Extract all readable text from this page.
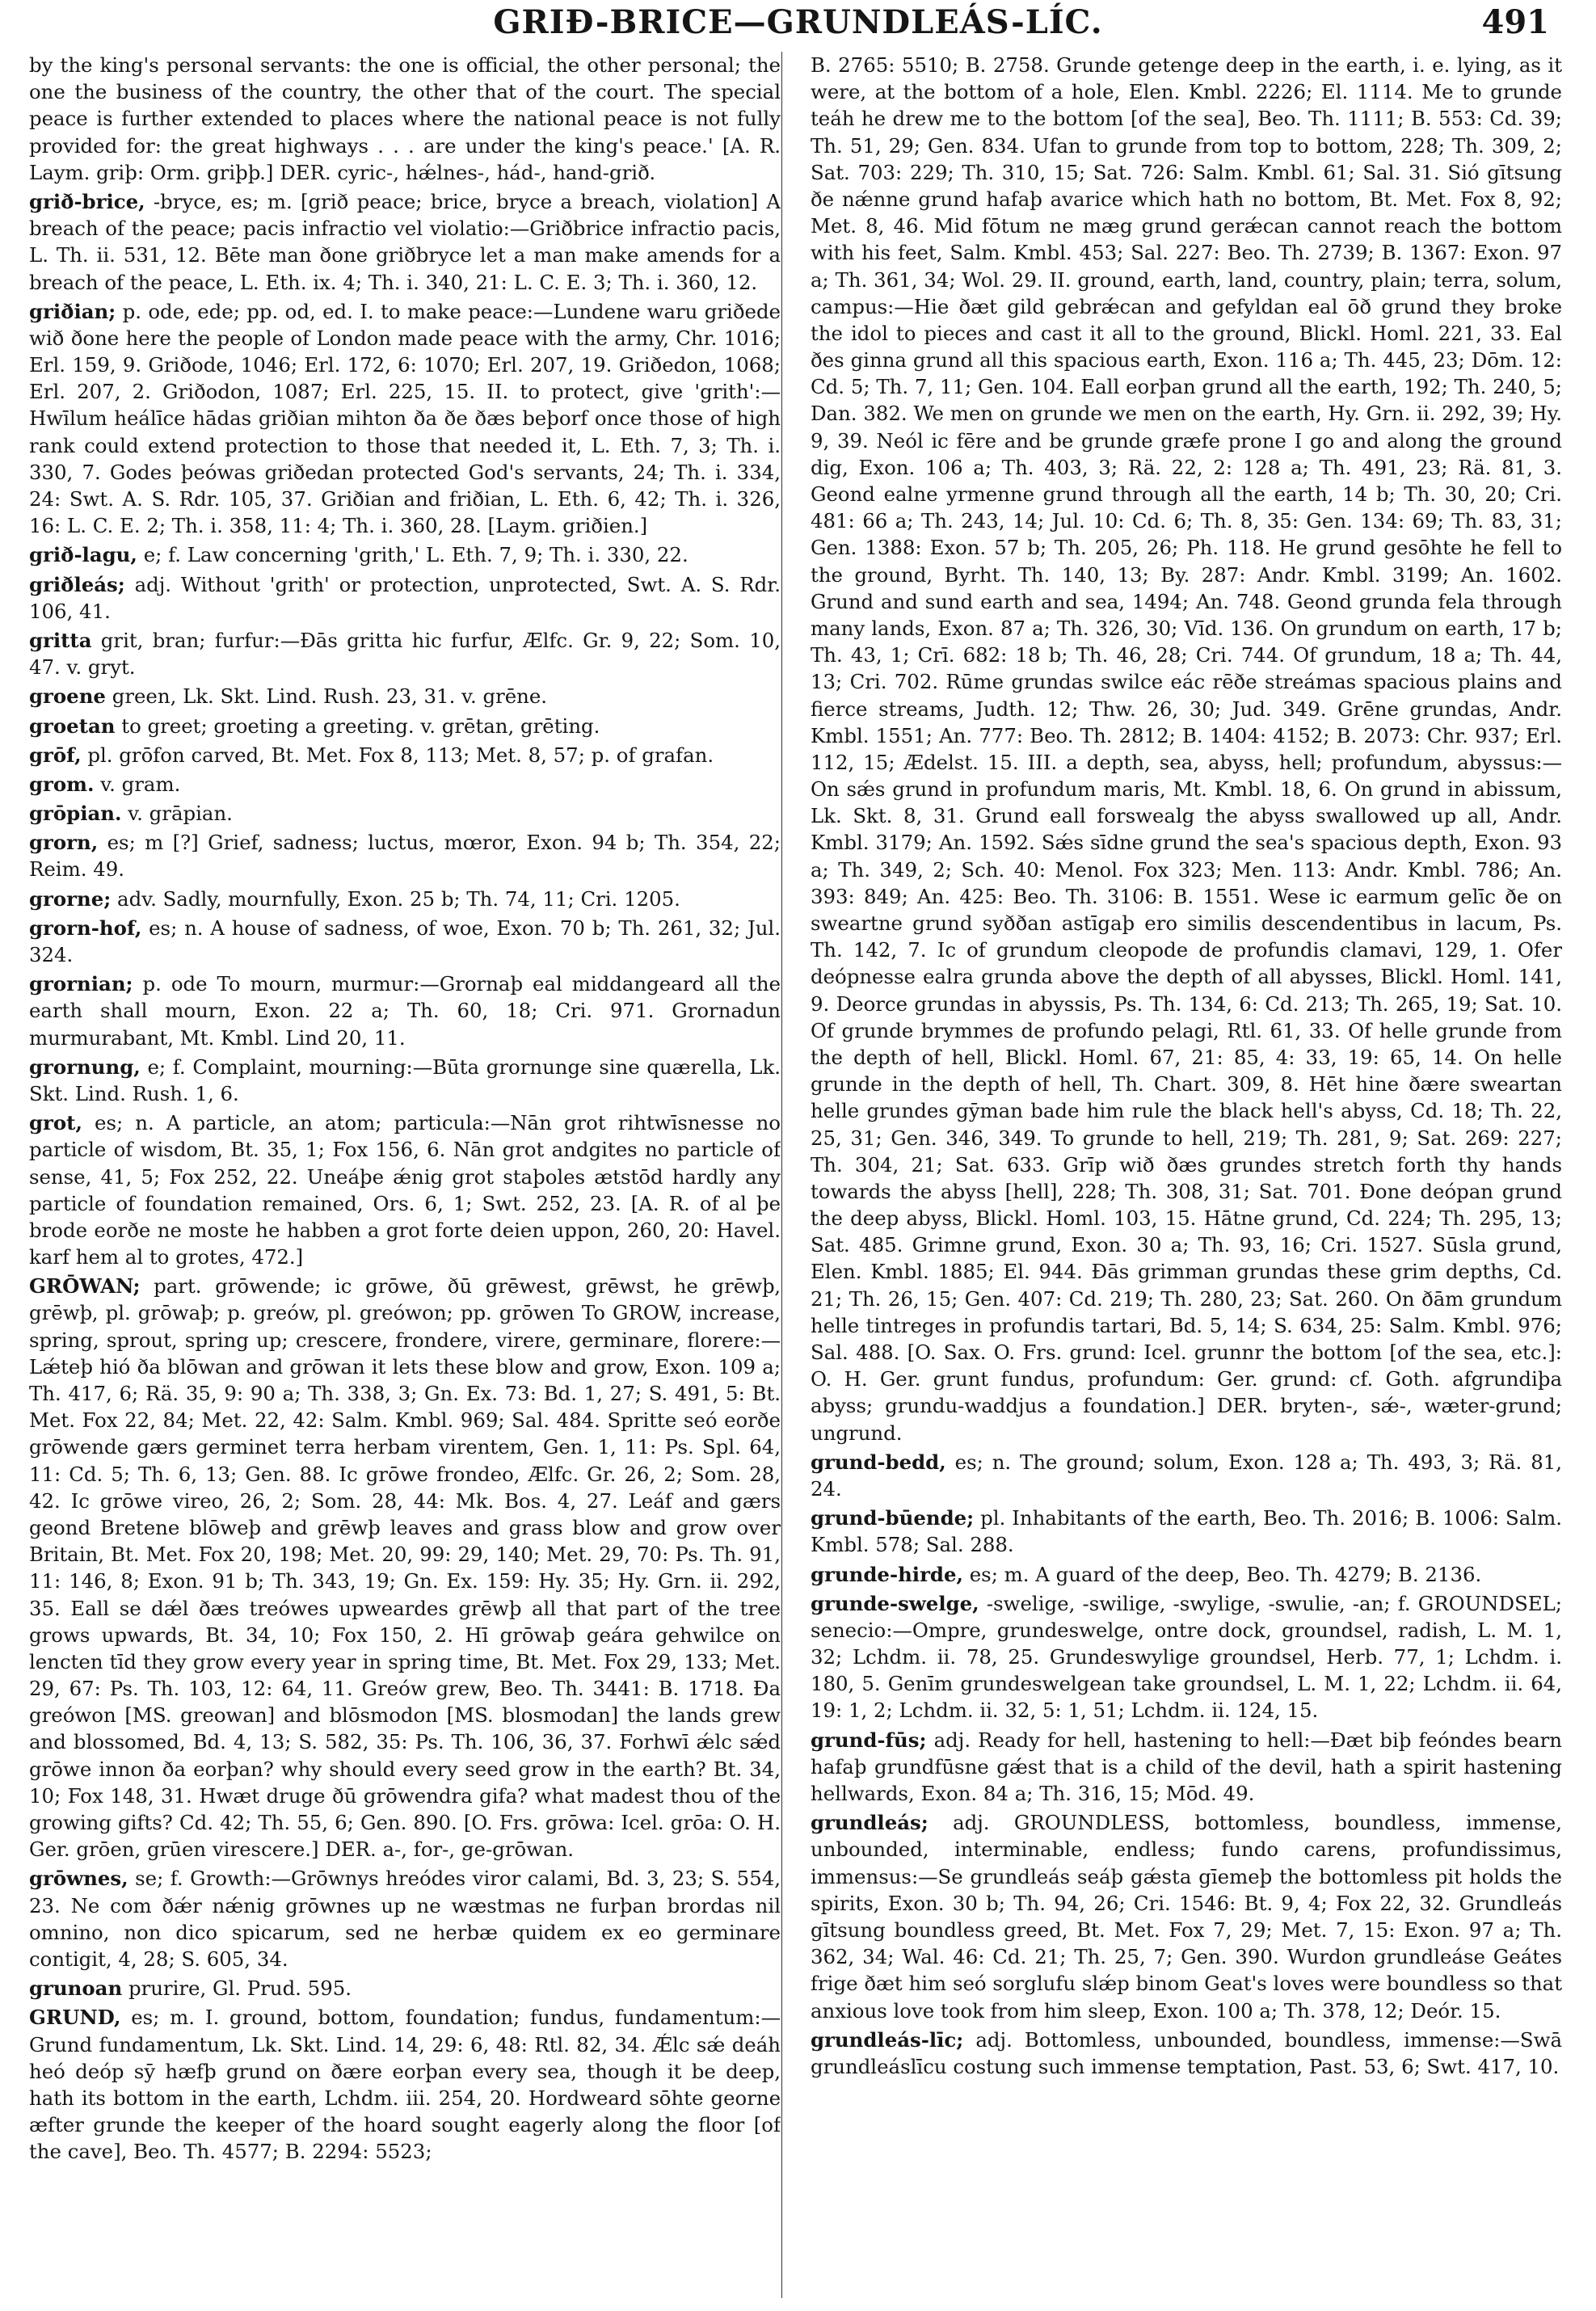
GRIÐ-BRICE—GRUNDLEÁS-LÍC.	491
by the king's personal servants: the one is official, the other personal; the one the business of the country, the other that of the court. The special peace is further extended to places where the national peace is not fully provided for: the great highways . . . are under the king's peace.' [A. R. Laym. griþ: Orm. griþþ.] DER. cyric-, hǽlnes-, hád-, hand-grið.
grið-brice, -bryce, es; m. [grið peace; brice, bryce a breach, violation] A breach of the peace; pacis infractio vel violatio:—Griðbrice infractio pacis, L. Th. ii. 531, 12. Bēte man ðone griðbryce let a man make amends for a breach of the peace, L. Eth. ix. 4; Th. i. 340, 21: L. C. E. 3; Th. i. 360, 12.
griðian; p. ode, ede; pp. od, ed. I. to make peace:—Lundene waru griðede wið ðone here the people of London made peace with the army, Chr. 1016; Erl. 159, 9. Griðode, 1046; Erl. 172, 6: 1070; Erl. 207, 19. Griðedon, 1068; Erl. 207, 2. Griðodon, 1087; Erl. 225, 15. II. to protect, give 'grith':—Hwīlum heálīce hādas griðian mihton ða ðe ðæs beþorf once those of high rank could extend protection to those that needed it, L. Eth. 7, 3; Th. i. 330, 7. Godes þeówas griðedan protected God's servants, 24; Th. i. 334, 24: Swt. A. S. Rdr. 105, 37. Griðian and friðian, L. Eth. 6, 42; Th. i. 326, 16: L. C. E. 2; Th. i. 358, 11: 4; Th. i. 360, 28. [Laym. griðien.]
grið-lagu, e; f. Law concerning 'grith,' L. Eth. 7, 9; Th. i. 330, 22.
griðleás; adj. Without 'grith' or protection, unprotected, Swt. A. S. Rdr. 106, 41.
gritta grit, bran; furfur:—Ðās gritta hic furfur, Ælfc. Gr. 9, 22; Som. 10, 47. v. gryt.
groene green, Lk. Skt. Lind. Rush. 23, 31. v. grēne.
groetan to greet; groeting a greeting. v. grētan, grēting.
grōf, pl. grōfon carved, Bt. Met. Fox 8, 113; Met. 8, 57; p. of grafan.
grom. v. gram.
grōpian. v. grāpian.
grorn, es; m [?] Grief, sadness; luctus, mœror, Exon. 94 b; Th. 354, 22; Reim. 49.
grorne; adv. Sadly, mournfully, Exon. 25 b; Th. 74, 11; Cri. 1205.
grorn-hof, es; n. A house of sadness, of woe, Exon. 70 b; Th. 261, 32; Jul. 324.
grornian; p. ode To mourn, murmur:—Grornaþ eal middangeard all the earth shall mourn, Exon. 22 a; Th. 60, 18; Cri. 971. Grornadun murmurabant, Mt. Kmbl. Lind 20, 11.
grornung, e; f. Complaint, mourning:—Būta grornunge sine quærella, Lk. Skt. Lind. Rush. 1, 6.
grot, es; n. A particle, an atom; particula:—Nān grot rihtwīsnesse no particle of wisdom, Bt. 35, 1; Fox 156, 6. Nān grot andgites no particle of sense, 41, 5; Fox 252, 22. Uneáþe ǽnig grot staþoles ætstōd hardly any particle of foundation remained, Ors. 6, 1; Swt. 252, 23. [A. R. of al þe brode eorðe ne moste he habben a grot forte deien uppon, 260, 20: Havel. karf hem al to grotes, 472.]
GRŌWAN; part. grōwende; ic grōwe, ðū grēwest, grēwst, he grēwþ, grēwþ, pl. grōwaþ; p. greów, pl. greówon; pp. grōwen To GROW, increase, spring, sprout, spring up; crescere, frondere, virere, germinare, florere:—Lǽteþ hió ða blōwan and grōwan it lets these blow and grow, Exon. 109 a; Th. 417, 6; Rä. 35, 9: 90 a; Th. 338, 3; Gn. Ex. 73: Bd. 1, 27; S. 491, 5: Bt. Met. Fox 22, 84; Met. 22, 42: Salm. Kmbl. 969; Sal. 484. Spritte seó eorðe grōwende gærs germinet terra herbam virentem, Gen. 1, 11: Ps. Spl. 64, 11: Cd. 5; Th. 6, 13; Gen. 88. Ic grōwe frondeo, Ælfc. Gr. 26, 2; Som. 28, 42. Ic grōwe vireo, 26, 2; Som. 28, 44: Mk. Bos. 4, 27. Leáf and gærs geond Bretene blōweþ and grēwþ leaves and grass blow and grow over Britain, Bt. Met. Fox 20, 198; Met. 20, 99: 29, 140; Met. 29, 70: Ps. Th. 91, 11: 146, 8; Exon. 91 b; Th. 343, 19; Gn. Ex. 159: Hy. 35; Hy. Grn. ii. 292, 35. Eall se dǽl ðæs treówes upweardes grēwþ all that part of the tree grows upwards, Bt. 34, 10; Fox 150, 2. Hī grōwaþ geára gehwilce on lencten tīd they grow every year in spring time, Bt. Met. Fox 29, 133; Met. 29, 67: Ps. Th. 103, 12: 64, 11. Greów grew, Beo. Th. 3441: B. 1718. Ða greówon [MS. greowan] and blōsmodon [MS. blosmodan] the lands grew and blossomed, Bd. 4, 13; S. 582, 35: Ps. Th. 106, 36, 37. Forhwī ǽlc sǽd grōwe innon ða eorþan? why should every seed grow in the earth? Bt. 34, 10; Fox 148, 31. Hwæt druge ðū grōwendra gifa? what madest thou of the growing gifts? Cd. 42; Th. 55, 6; Gen. 890. [O. Frs. grōwa: Icel. grōa: O. H. Ger. grōen, grūen virescere.] DER. a-, for-, ge-grōwan.
grōwnes, se; f. Growth:—Grōwnys hreódes viror calami, Bd. 3, 23; S. 554, 23. Ne com ðǽr nǽnig grōwnes up ne wæstmas ne furþan brordas nil omnino, non dico spicarum, sed ne herbæ quidem ex eo germinare contigit, 4, 28; S. 605, 34.
grunoan prurire, Gl. Prud. 595.
GRUND, es; m. I. ground, bottom, foundation; fundus, fundamentum:—Grund fundamentum, Lk. Skt. Lind. 14, 29: 6, 48: Rtl. 82, 34. Ǽlc sǽ deáh heó deóp sȳ hæfþ grund on ðære eorþan every sea, though it be deep, hath its bottom in the earth, Lchdm. iii. 254, 20. Hordweard sōhte georne æfter grunde the keeper of the hoard sought eagerly along the floor [of the cave], Beo. Th. 4577; B. 2294: 5523;
B. 2765: 5510; B. 2758. Grunde getenge deep in the earth, i. e. lying, as it were, at the bottom of a hole, Elen. Kmbl. 2226; El. 1114. Me to grunde teáh he drew me to the bottom [of the sea], Beo. Th. 1111; B. 553: Cd. 39; Th. 51, 29; Gen. 834. Ufan to grunde from top to bottom, 228; Th. 309, 2; Sat. 703: 229; Th. 310, 15; Sat. 726: Salm. Kmbl. 61; Sal. 31. Sió gītsung ðe nǽnne grund hafaþ avarice which hath no bottom, Bt. Met. Fox 8, 92; Met. 8, 46. Mid fōtum ne mæg grund gerǽcan cannot reach the bottom with his feet, Salm. Kmbl. 453; Sal. 227: Beo. Th. 2739; B. 1367: Exon. 97 a; Th. 361, 34; Wol. 29. II. ground, earth, land, country, plain; terra, solum, campus:—Hie ðæt gild gebrǽcan and gefyldan eal ōð grund they broke the idol to pieces and cast it all to the ground, Blickl. Homl. 221, 33. Eal ðes ginna grund all this spacious earth, Exon. 116 a; Th. 445, 23; Dōm. 12: Cd. 5; Th. 7, 11; Gen. 104. Eall eorþan grund all the earth, 192; Th. 240, 5; Dan. 382. We men on grunde we men on the earth, Hy. Grn. ii. 292, 39; Hy. 9, 39. Neól ic fēre and be grunde græfe prone I go and along the ground dig, Exon. 106 a; Th. 403, 3; Rä. 22, 2: 128 a; Th. 491, 23; Rä. 81, 3. Geond ealne yrmenne grund through all the earth, 14 b; Th. 30, 20; Cri. 481: 66 a; Th. 243, 14; Jul. 10: Cd. 6; Th. 8, 35: Gen. 134: 69; Th. 83, 31; Gen. 1388: Exon. 57 b; Th. 205, 26; Ph. 118. He grund gesōhte he fell to the ground, Byrht. Th. 140, 13; By. 287: Andr. Kmbl. 3199; An. 1602. Grund and sund earth and sea, 1494; An. 748. Geond grunda fela through many lands, Exon. 87 a; Th. 326, 30; Vīd. 136. On grundum on earth, 17 b; Th. 43, 1; Crī. 682: 18 b; Th. 46, 28; Cri. 744. Of grundum, 18 a; Th. 44, 13; Cri. 702. Rūme grundas swilce eác rēðe streámas spacious plains and fierce streams, Judth. 12; Thw. 26, 30; Jud. 349. Grēne grundas, Andr. Kmbl. 1551; An. 777: Beo. Th. 2812; B. 1404: 4152; B. 2073: Chr. 937; Erl. 112, 15; Ædelst. 15. III. a depth, sea, abyss, hell; profundum, abyssus:—On sǽs grund in profundum maris, Mt. Kmbl. 18, 6. On grund in abissum, Lk. Skt. 8, 31. Grund eall forswealg the abyss swallowed up all, Andr. Kmbl. 3179; An. 1592. Sǽs sīdne grund the sea's spacious depth, Exon. 93 a; Th. 349, 2; Sch. 40: Menol. Fox 323; Men. 113: Andr. Kmbl. 786; An. 393: 849; An. 425: Beo. Th. 3106: B. 1551. Wese ic earmum gelīc ðe on sweartne grund syððan astīgaþ ero similis descendentibus in lacum, Ps. Th. 142, 7. Ic of grundum cleopode de profundis clamavi, 129, 1. Ofer deópnesse ealra grunda above the depth of all abysses, Blickl. Homl. 141, 9. Deorce grundas in abyssis, Ps. Th. 134, 6: Cd. 213; Th. 265, 19; Sat. 10. Of grunde brymmes de profundo pelagi, Rtl. 61, 33. Of helle grunde from the depth of hell, Blickl. Homl. 67, 21: 85, 4: 33, 19: 65, 14. On helle grunde in the depth of hell, Th. Chart. 309, 8. Hēt hine ðære sweartan helle grundes gȳman bade him rule the black hell's abyss, Cd. 18; Th. 22, 25, 31; Gen. 346, 349. To grunde to hell, 219; Th. 281, 9; Sat. 269: 227; Th. 304, 21; Sat. 633. Grīp wið ðæs grundes stretch forth thy hands towards the abyss [hell], 228; Th. 308, 31; Sat. 701. Ðone deópan grund the deep abyss, Blickl. Homl. 103, 15. Hātne grund, Cd. 224; Th. 295, 13; Sat. 485. Grimne grund, Exon. 30 a; Th. 93, 16; Cri. 1527. Sūsla grund, Elen. Kmbl. 1885; El. 944. Ðās grimman grundas these grim depths, Cd. 21; Th. 26, 15; Gen. 407: Cd. 219; Th. 280, 23; Sat. 260. On ðām grundum helle tintreges in profundis tartari, Bd. 5, 14; S. 634, 25: Salm. Kmbl. 976; Sal. 488. [O. Sax. O. Frs. grund: Icel. grunnr the bottom [of the sea, etc.]: O. H. Ger. grunt fundus, profundum: Ger. grund: cf. Goth. afgrundiþa abyss; grundu-waddjus a foundation.] DER. bryten-, sǽ-, wæter-grund; ungrund.
grund-bedd, es; n. The ground; solum, Exon. 128 a; Th. 493, 3; Rä. 81, 24.
grund-būende; pl. Inhabitants of the earth, Beo. Th. 2016; B. 1006: Salm. Kmbl. 578; Sal. 288.
grunde-hirde, es; m. A guard of the deep, Beo. Th. 4279; B. 2136.
grunde-swelge, -swelige, -swilige, -swylige, -swulie, -an; f. GROUNDSEL; senecio:—Ompre, grundeswelge, ontre dock, groundsel, radish, L. M. 1, 32; Lchdm. ii. 78, 25. Grundeswylige groundsel, Herb. 77, 1; Lchdm. i. 180, 5. Genīm grundeswelgean take groundsel, L. M. 1, 22; Lchdm. ii. 64, 19: 1, 2; Lchdm. ii. 32, 5: 1, 51; Lchdm. ii. 124, 15.
grund-fūs; adj. Ready for hell, hastening to hell:—Ðæt biþ feóndes bearn hafaþ grundfūsne gǽst that is a child of the devil, hath a spirit hastening hellwards, Exon. 84 a; Th. 316, 15; Mōd. 49.
grundleás; adj. GROUNDLESS, bottomless, boundless, immense, unbounded, interminable, endless; fundo carens, profundissimus, immensus:—Se grundleás seáþ gǽsta gīemeþ the bottomless pit holds the spirits, Exon. 30 b; Th. 94, 26; Cri. 1546: Bt. 9, 4; Fox 22, 32. Grundleás gītsung boundless greed, Bt. Met. Fox 7, 29; Met. 7, 15: Exon. 97 a; Th. 362, 34; Wal. 46: Cd. 21; Th. 25, 7; Gen. 390. Wurdon grundleáse Geátes frige ðæt him seó sorglufu slǽp binom Geat's loves were boundless so that anxious love took from him sleep, Exon. 100 a; Th. 378, 12; Deór. 15.
grundleás-līc; adj. Bottomless, unbounded, boundless, immense:—Swā grundleáslīcu costung such immense temptation, Past. 53, 6; Swt. 417, 10.
